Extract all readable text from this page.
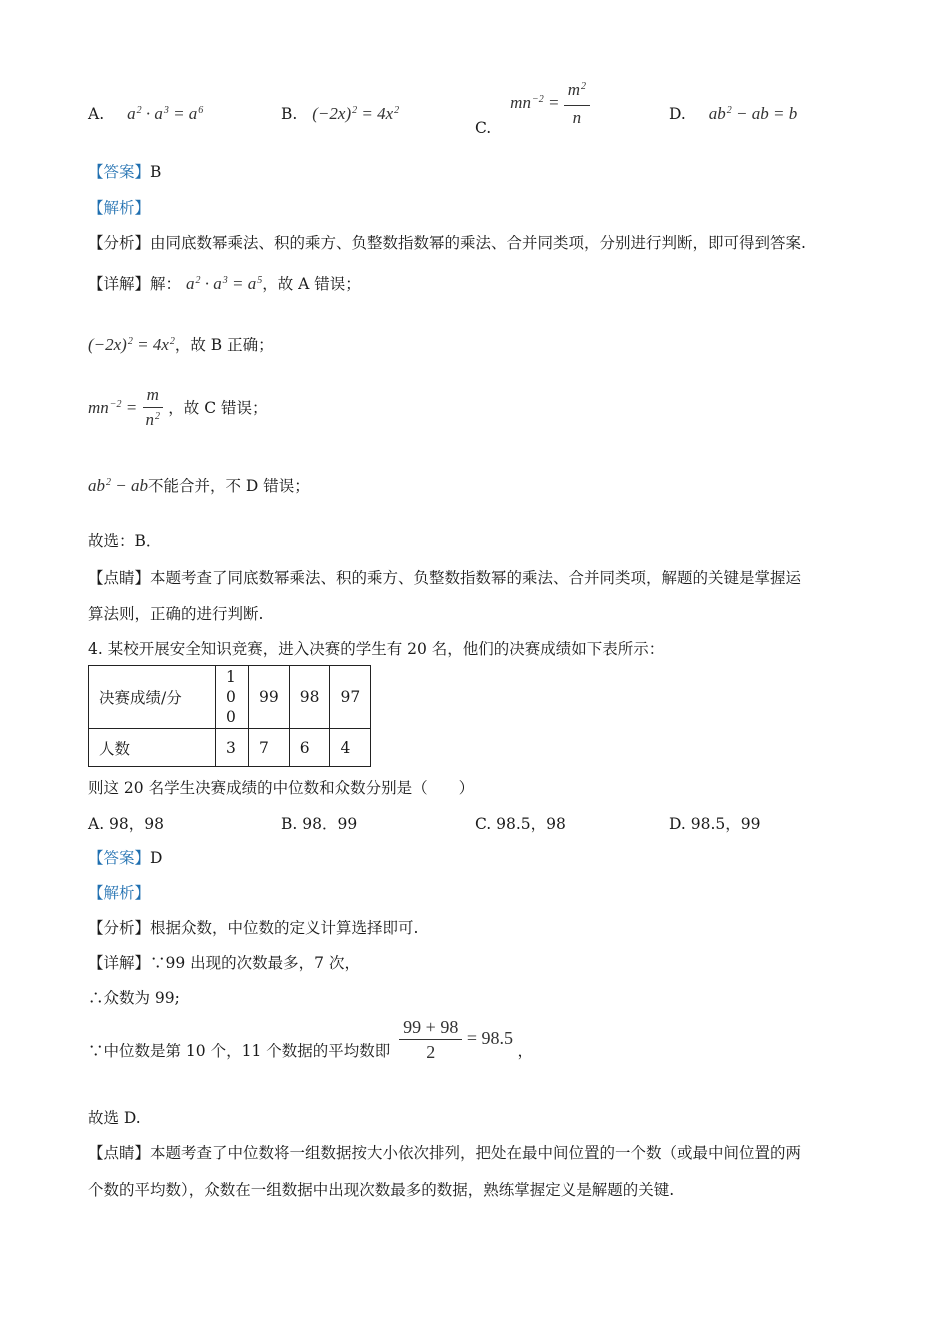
A. $a^2 \cdot a^3 = a^6$	B. $(-2x)^2 = 4x^2$
C. $mn^{-2} = \frac{m^2}{n}$	D. $ab^2$ − ab = b
【答案】B
【解析】
【分析】由同底数幂乘法、积的乘方、负整数指数幂的乘法、合并同类项，分别进行判断，即可得到答案.
【详解】解： $a^2 \cdot a^3 = a^5$，故 A 错误；
$(-2x)^2 = 4x^2$，故 B 正确；
$mn^{-2} = \frac{m}{n^2}$ ，故 C 错误；
$ab^2$ − ab不能合并，不 D 错误；
故选：B．
【点睛】本题考查了同底数幂乘法、积的乘方、负整数指数幂的乘法、合并同类项，解题的关键是掌握运
算法则，正确的进行判断.
4. 某校开展安全知识竞赛，进入决赛的学生有 20 名，他们的决赛成绩如下表所示：
决赛成绩/分	100	99	98	97
人数	3	7	6	4
则这 20 名学生决赛成绩的中位数和众数分别是（　　）
A. 98，98	B. 98．99	C. 98.5，98	D. 98.5，99
【答案】D
【解析】
【分析】根据众数，中位数的定义计算选择即可.
【详解】∵99 出现的次数最多，7 次，
∴众数为 99;
∵中位数是第 10 个，11 个数据的平均数即 $\frac{99 + 98}{2} = 98.5$ ，
故选 D.
【点睛】本题考查了中位数将一组数据按大小依次排列，把处在最中间位置的一个数（或最中间位置的两
个数的平均数），众数在一组数据中出现次数最多的数据，熟练掌握定义是解题的关键.
